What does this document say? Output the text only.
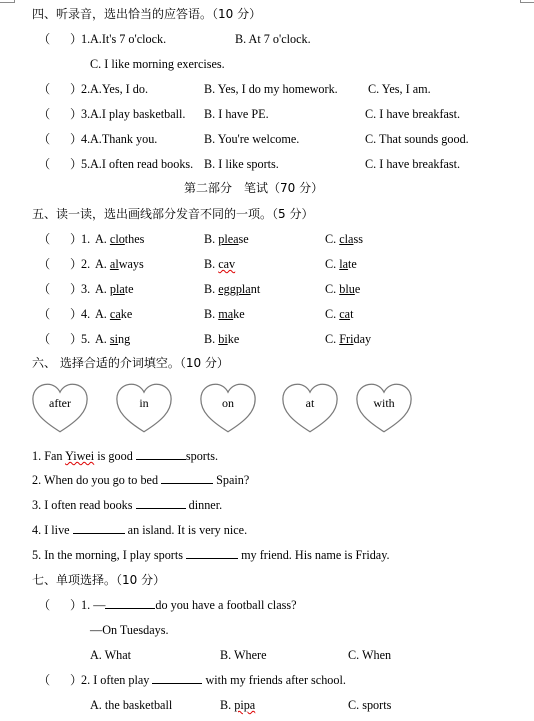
四、听录音，选出恰当的应答语。（10 分）
（ ）
1. A.It's 7 o'clock.	B. At 7 o'clock.
C. I like morning exercises.
（ ）
2. A.Yes, I do.	B. Yes, I do my homework. C. Yes, I am.
（ ）
3. A.I play basketball. B. I have PE.	C. I have breakfast.
（ ）
4. A.Thank you.	B. You're welcome.	C. That sounds good.
（ ）
5. A.I often read books. B. I like sports.	C. I have breakfast.
第二部分　笔试（70 分）
五、读一读，选出画线部分发音不同的一项。（5 分）
（ ）
1. A. clothes	B. please	C. class
（ ）
2. A. always	B. cav	C. late
（ ）
3. A. plate	B. eggplant	C. blue
（ ）
4. A. cake	B. make	C. cat
（ ）
5. A. sing	B. bike	C. Friday
六、 选择合适的介词填空。（10 分）
after	in	on	at	with
1. Fan Yiwei is good	sports.
2. When do you go to bed	Spain?
3. I often read books	dinner.
4. I live	an island. It is very nice.
5. In the morning, I play sports	my friend. His name is Friday.
七、单项选择。（10 分）
（ ）
1. —	do you have a football class?
—On Tuesdays.
A. What	B. Where	C. When
（ ）
2. I often play	with my friends after school.
A. the basketball	B. pipa	C. sports
